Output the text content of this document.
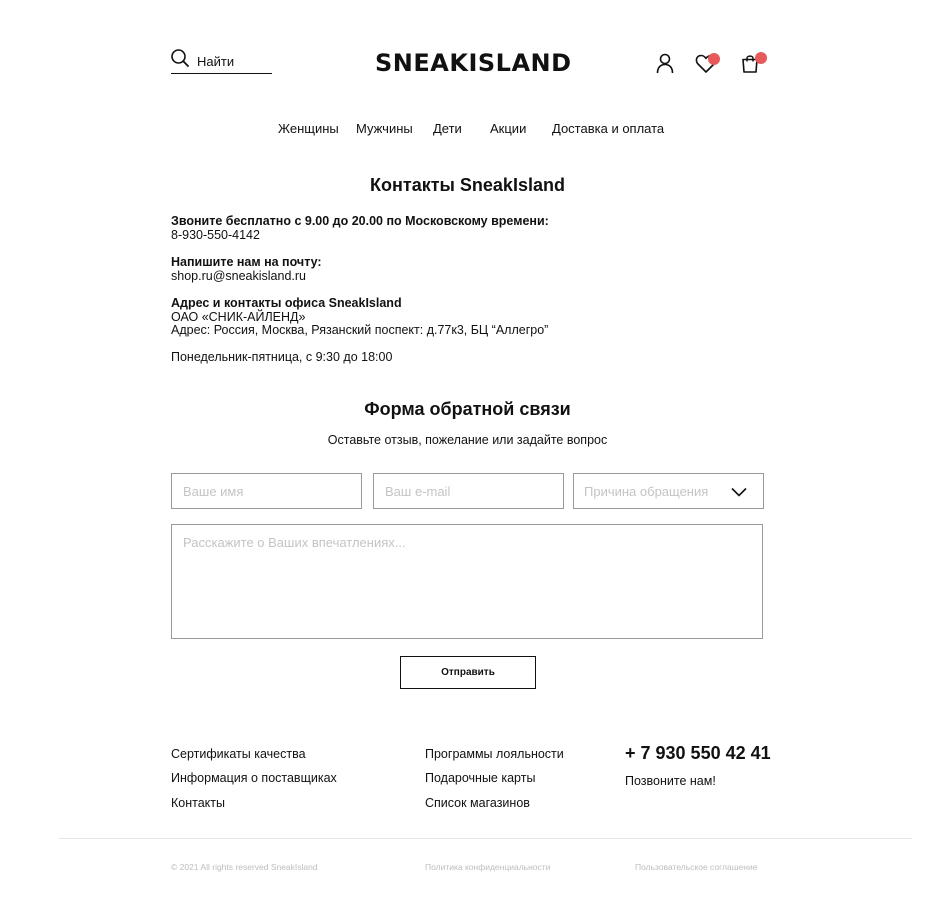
Найти
SNEAKISLAND
Женщины Мужчины Дети Акции Доставка и оплата
Контакты SneakIsland
Звоните бесплатно с 9.00 до 20.00 по Московскому времени:
8-930-550-4142
Напишите нам на почту:
shop.ru@sneakisland.ru
Адрес и контакты офиса SneakIsland
ОАО «СНИК-АЙЛЕНД»
Адрес: Россия, Москва, Рязанский поспект: д.77к3, БЦ “Аллегро”
Понедельник-пятница, с 9:30 до 18:00
Форма обратной связи
Оставьте отзыв, пожелание или задайте вопрос
Ваше имя
Ваш e-mail
Причина обращения
Расскажите о Ваших впечатлениях...
Отправить
Сертификаты качества
Информация о поставщиках
Контакты
Программы лояльности
Подарочные карты
Список магазинов
+ 7 930 550 42 41
Позвоните нам!
© 2021 All rights reserved SneakIsland	Политика конфиденциальности	Пользовательское соглашение
